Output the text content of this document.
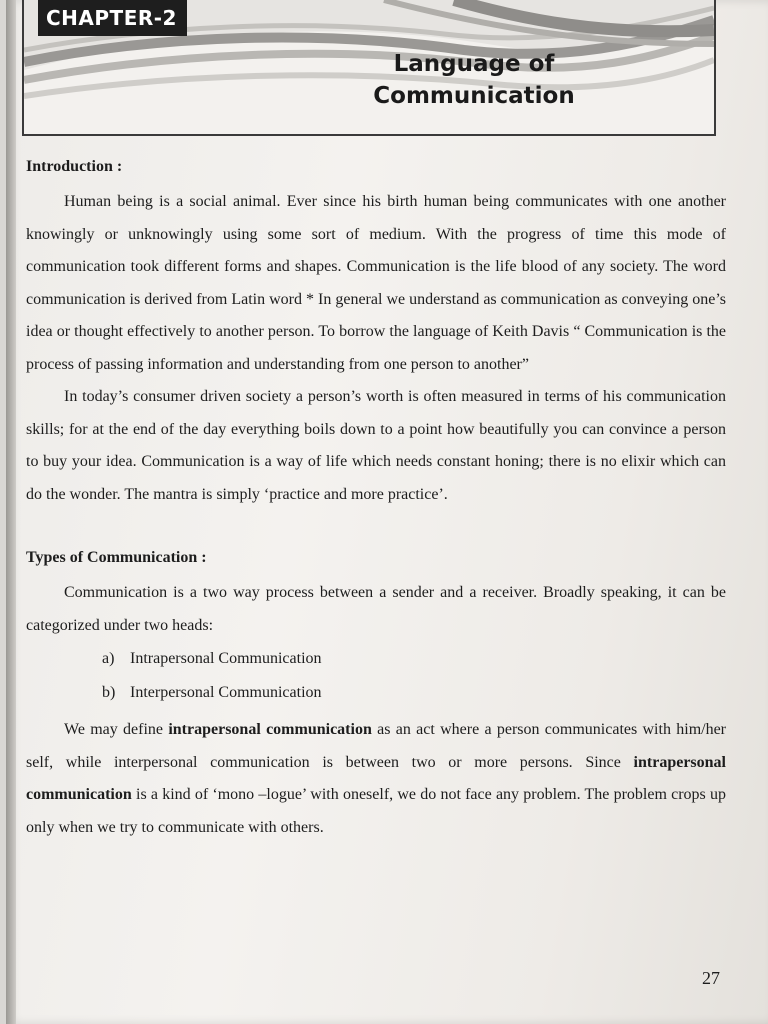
CHAPTER-2
Language of
Communication
Introduction :

Human being is a social animal. Ever since his birth human being communicates with one another knowingly or unknowingly using some sort of medium. With the progress of time this mode of communication took different forms and shapes. Communication is the life blood of any society. The word communication is derived from Latin word * In general we understand as communication as conveying one’s idea or thought effectively to another person. To borrow the language of Keith Davis “ Communication is the process of passing information and understanding from one person to another”

In today’s consumer driven society a person’s worth is often measured in terms of his communication skills; for at the end of the day everything boils down to a point how beautifully you can convince a person to buy your idea. Communication is a way of life which needs constant honing; there is no elixir which can do the wonder. The mantra is simply ‘practice and more practice’.

Types of Communication :

Communication is a two way process between a sender and a receiver. Broadly speaking, it can be categorized under two heads:

a) Intrapersonal Communication
b) Interpersonal Communication

We may define intrapersonal communication as an act where a person communicates with him/her self, while interpersonal communication is between two or more persons. Since intrapersonal communication is a kind of ‘mono –logue’ with oneself, we do not face any problem. The problem crops up only when we try to communicate with others.

27
